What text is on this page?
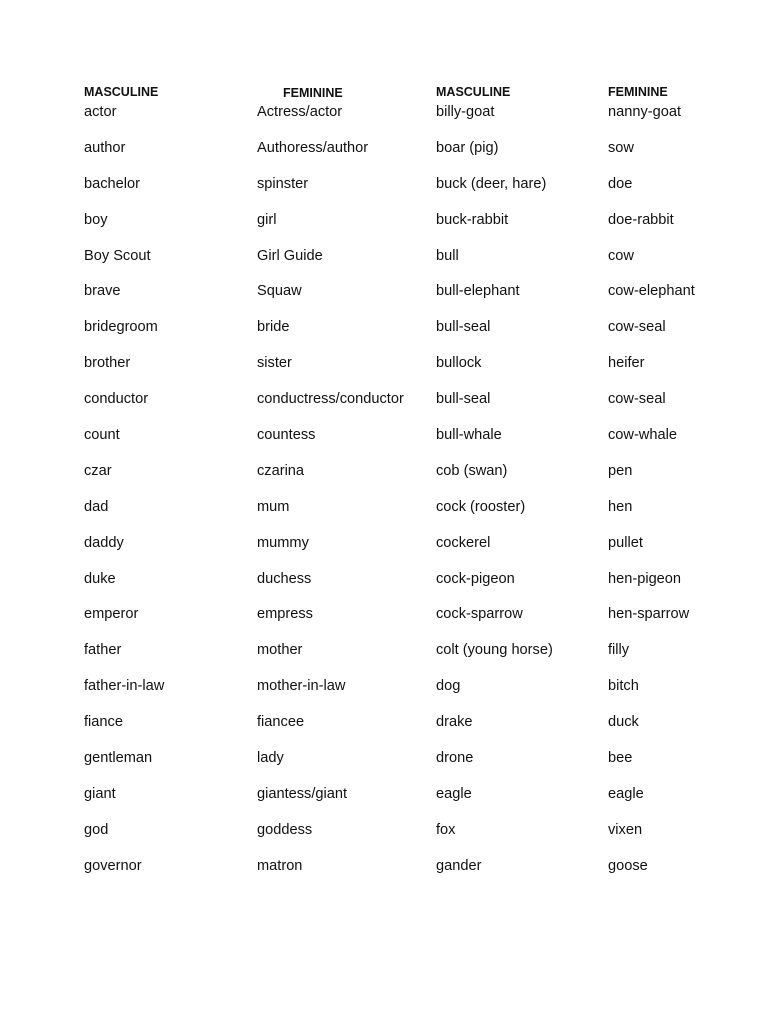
MASCULINE
actor
author
bachelor
boy
Boy Scout
brave
bridegroom
brother
conductor
count
czar
dad
daddy
duke
emperor
father
father-in-law
fiance
gentleman
giant
god
governor
FEMININE
Actress/actor
Authoress/author
spinster
girl
Girl Guide
Squaw
bride
sister
conductress/conductor
countess
czarina
mum
mummy
duchess
empress
mother
mother-in-law
fiancee
lady
giantess/giant
goddess
matron
MASCULINE
billy-goat
boar (pig)
buck (deer, hare)
buck-rabbit
bull
bull-elephant
bull-seal
bullock
bull-seal
bull-whale
cob (swan)
cock (rooster)
cockerel
cock-pigeon
cock-sparrow
colt (young horse)
dog
drake
drone
eagle
fox
gander
FEMININE
nanny-goat
sow
doe
doe-rabbit
cow
cow-elephant
cow-seal
heifer
cow-seal
cow-whale
pen
hen
pullet
hen-pigeon
hen-sparrow
filly
bitch
duck
bee
eagle
vixen
goose
